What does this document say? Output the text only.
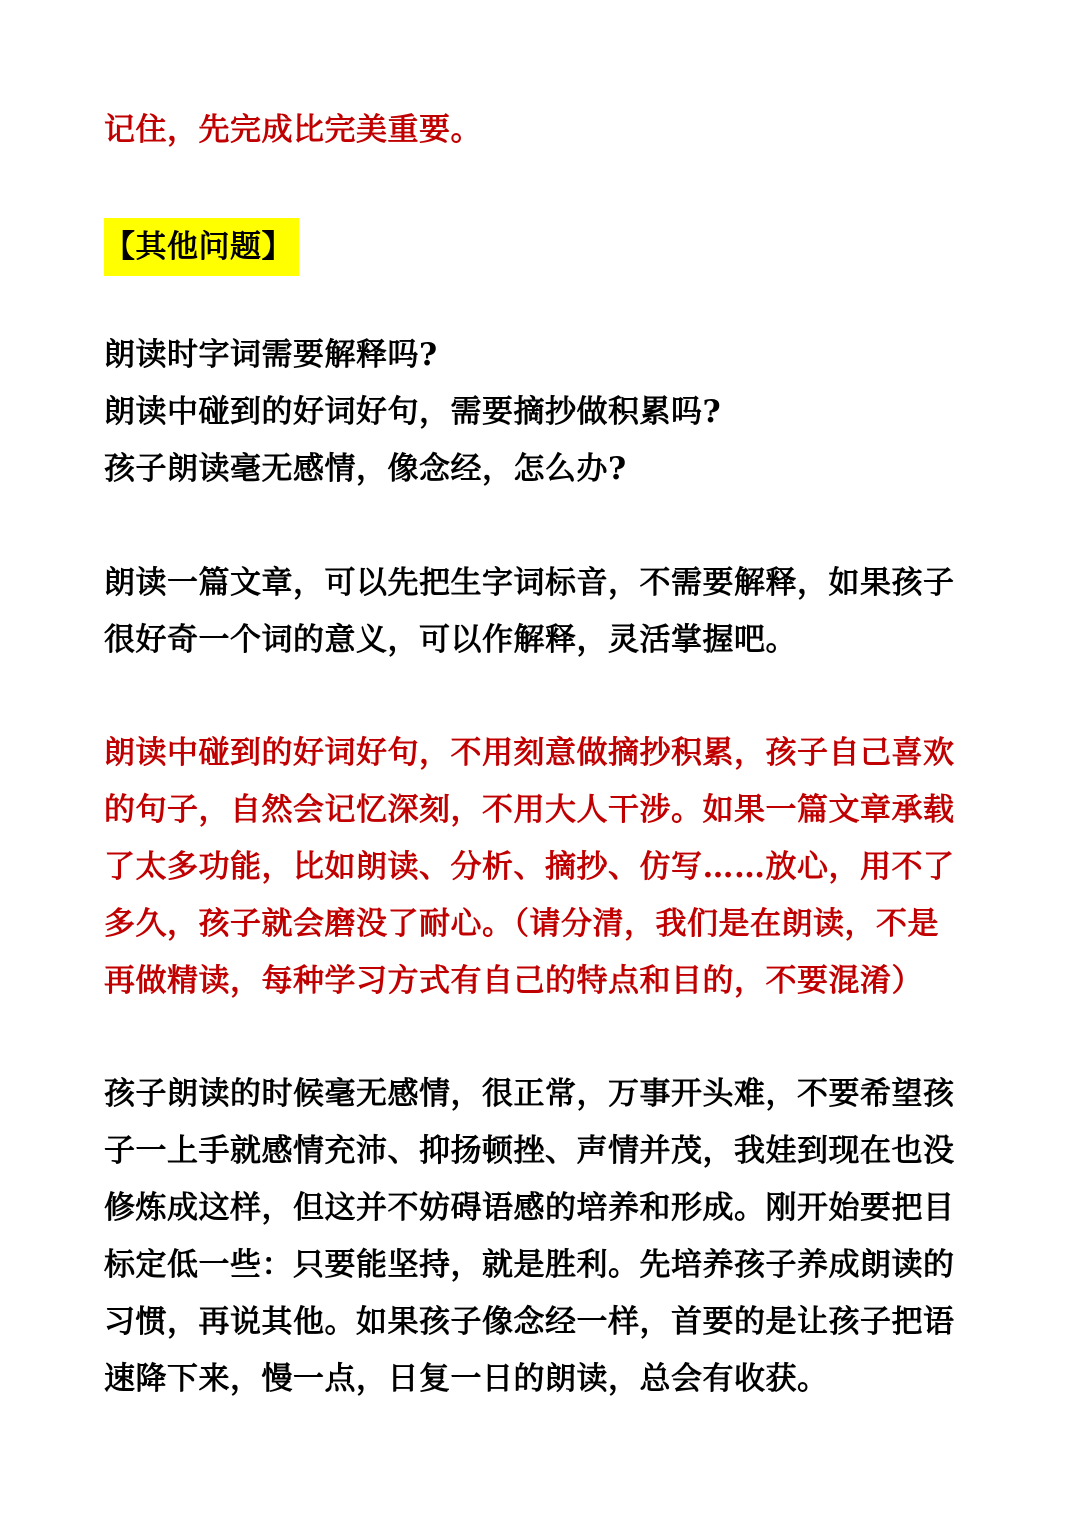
记住，先完成比完美重要。
【其他问题】
朗读时字词需要解释吗?
朗读中碰到的好词好句，需要摘抄做积累吗?
孩子朗读毫无感情，像念经，怎么办?
朗读一篇文章，可以先把生字词标音，不需要解释，如果孩子
很好奇一个词的意义，可以作解释，灵活掌握吧。
朗读中碰到的好词好句，不用刻意做摘抄积累，孩子自己喜欢
的句子，自然会记忆深刻，不用大人干涉。如果一篇文章承载
了太多功能，比如朗读、分析、摘抄、仿写……放心，用不了
多久，孩子就会磨没了耐心。（请分清，我们是在朗读，不是
再做精读，每种学习方式有自己的特点和目的，不要混淆）
孩子朗读的时候毫无感情，很正常，万事开头难，不要希望孩
子一上手就感情充沛、抑扬顿挫、声情并茂，我娃到现在也没
修炼成这样，但这并不妨碍语感的培养和形成。刚开始要把目
标定低一些：只要能坚持，就是胜利。先培养孩子养成朗读的
习惯，再说其他。如果孩子像念经一样，首要的是让孩子把语
速降下来，慢一点，日复一日的朗读，总会有收获。
